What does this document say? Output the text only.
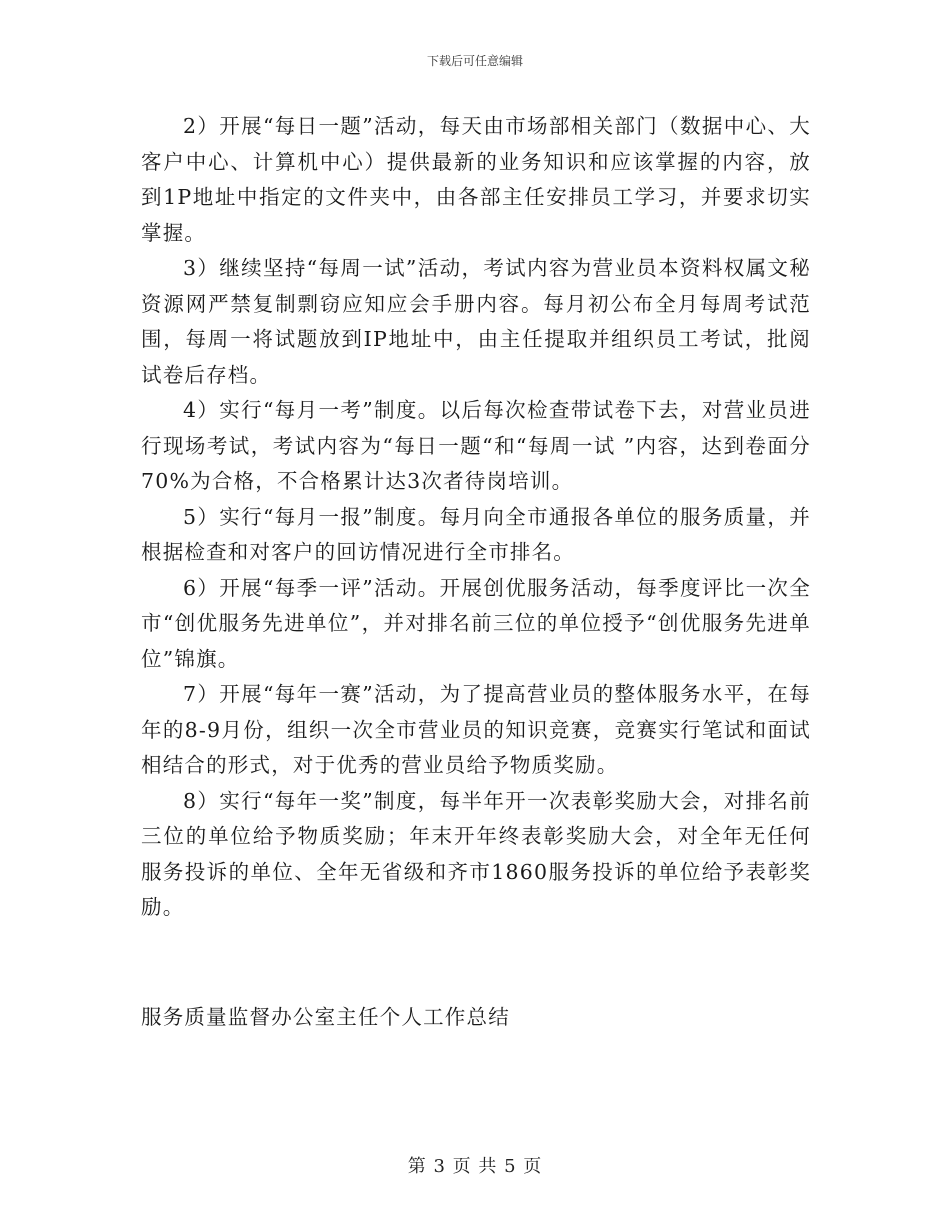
下载后可任意编辑

2）开展“每日一题”活动，每天由市场部相关部门（数据中心、大客户中心、计算机中心）提供最新的业务知识和应该掌握的内容，放到1P地址中指定的文件夹中，由各部主任安排员工学习，并要求切实掌握。

3）继续坚持“每周一试”活动，考试内容为营业员本资料权属文秘资源网严禁复制剽窃应知应会手册内容。每月初公布全月每周考试范围，每周一将试题放到IP地址中，由主任提取并组织员工考试，批阅试卷后存档。

4）实行“每月一考”制度。以后每次检查带试卷下去，对营业员进行现场考试，考试内容为“每日一题“和“每周一试 ”内容，达到卷面分70%为合格，不合格累计达3次者待岗培训。

5）实行“每月一报”制度。每月向全市通报各单位的服务质量，并根据检查和对客户的回访情况进行全市排名。

6）开展“每季一评”活动。开展创优服务活动，每季度评比一次全市“创优服务先进单位”，并对排名前三位的单位授予“创优服务先进单位”锦旗。

7）开展“每年一赛”活动，为了提高营业员的整体服务水平，在每年的8-9月份，组织一次全市营业员的知识竞赛，竞赛实行笔试和面试相结合的形式，对于优秀的营业员给予物质奖励。

8）实行“每年一奖”制度，每半年开一次表彰奖励大会，对排名前三位的单位给予物质奖励；年末开年终表彰奖励大会，对全年无任何服务投诉的单位、全年无省级和齐市1860服务投诉的单位给予表彰奖励。

服务质量监督办公室主任个人工作总结

第 3 页 共 5 页
